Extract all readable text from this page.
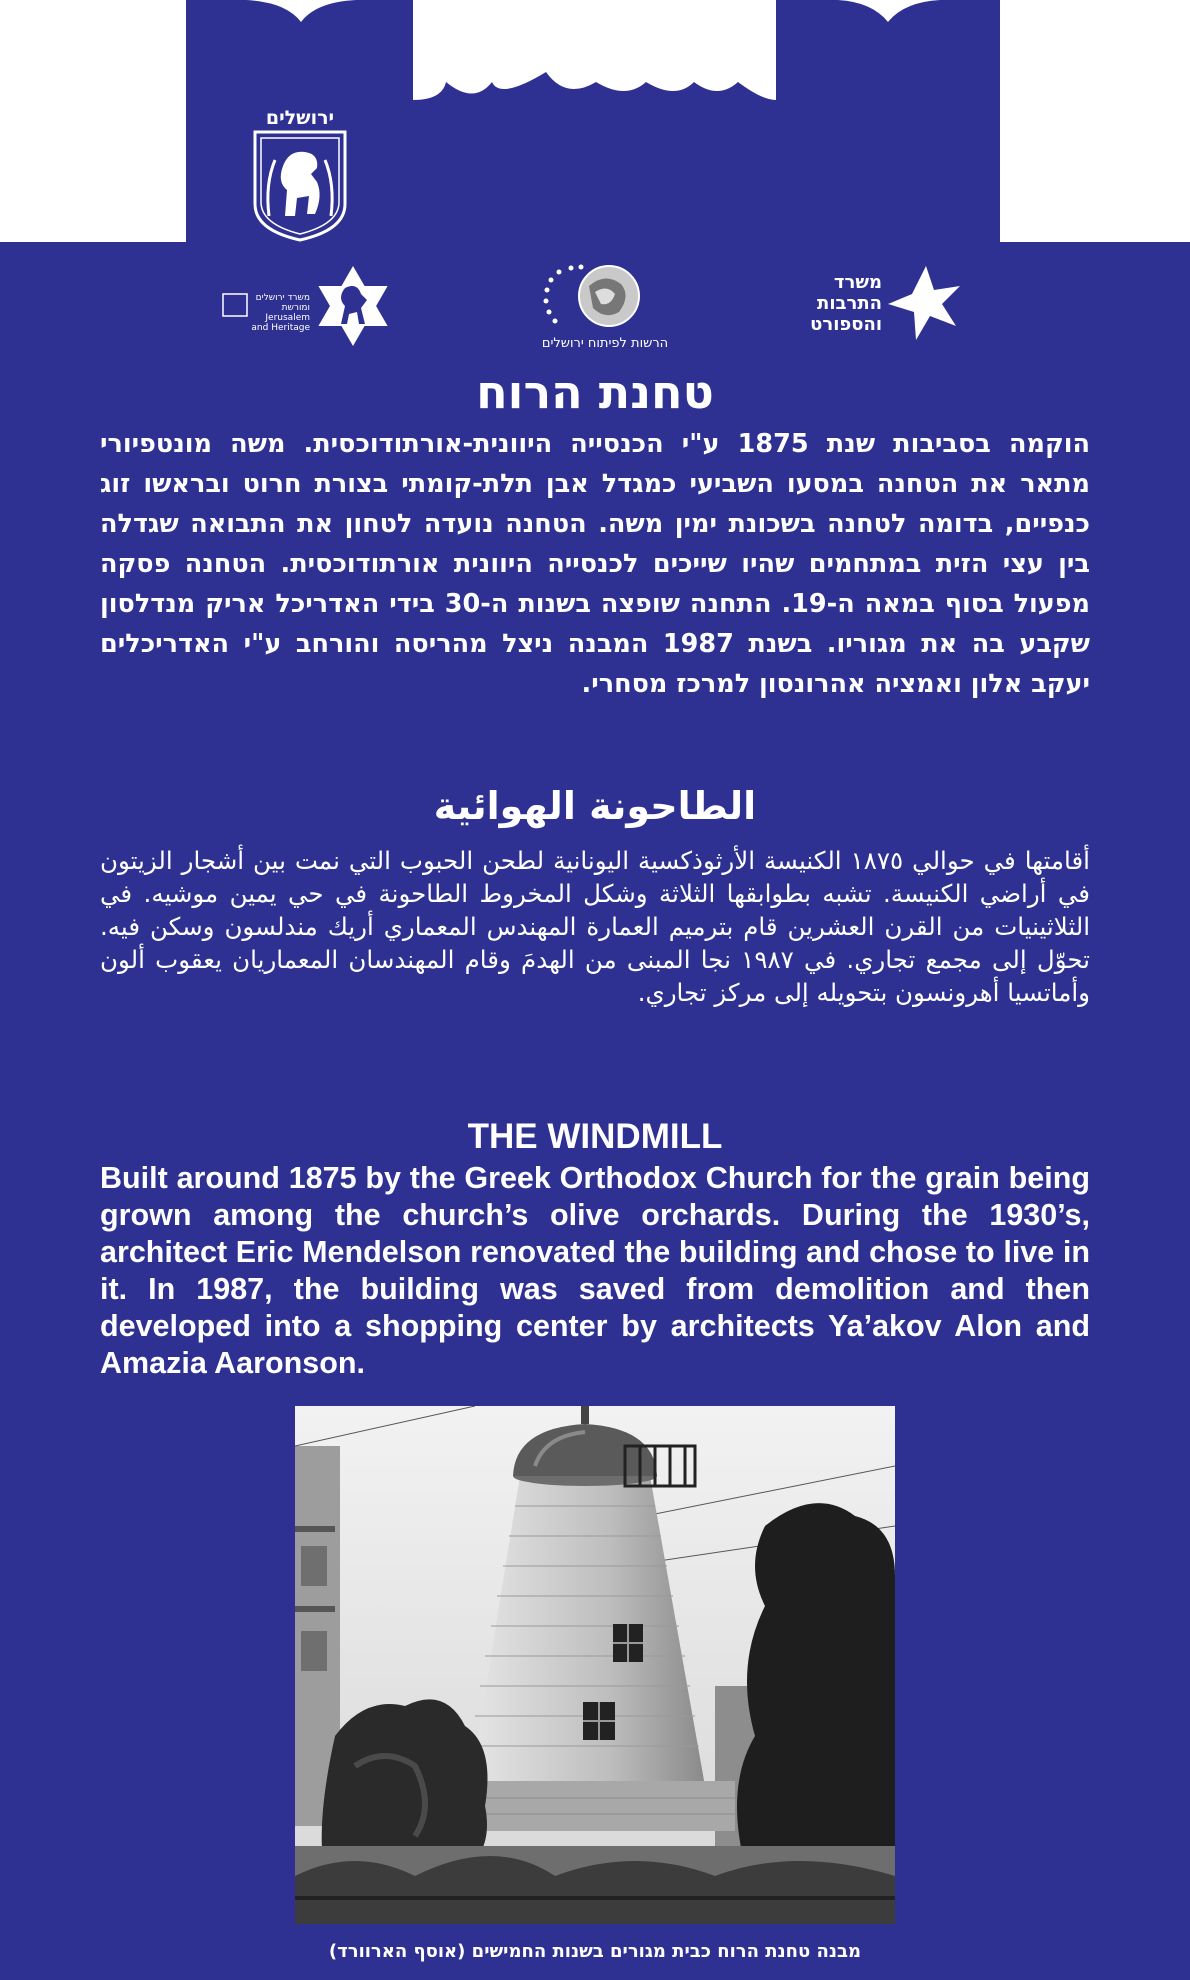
ירושלים
מועצה לשימור
אתרי מורשת בישראל
משרד ירושלים
ומורשת
Jerusalem
and Heritage
הרשות לפיתוח ירושלים
משרד
התרבות
והספורט
טחנת הרוח
הוקמה בסביבות שנת 1875 ע"י הכנסייה היוונית-אורתודוכסית. משה מונטפיורי מתאר את הטחנה במסעו השביעי כמגדל אבן תלת-קומתי בצורת חרוט ובראשו זוג כנפיים, בדומה לטחנה בשכונת ימין משה. הטחנה נועדה לטחון את התבואה שגדלה בין עצי הזית במתחמים שהיו שייכים לכנסייה היוונית אורתודוכסית. הטחנה פסקה מפעול בסוף במאה ה-19. התחנה שופצה בשנות ה-30 בידי האדריכל אריק מנדלסון שקבע בה את מגוריו. בשנת 1987 המבנה ניצל מהריסה והורחב ע"י האדריכלים יעקב אלון ואמציה אהרונסון למרכז מסחרי.
الطاحونة الهوائية
أقامتها في حوالي ١٨٧٥ الكنيسة الأرثوذكسية اليونانية لطحن الحبوب التي نمت بين أشجار الزيتون في أراضي الكنيسة. تشبه بطوابقها الثلاثة وشكل المخروط الطاحونة في حي يمين موشيه. في الثلاثينيات من القرن العشرين قام بترميم العمارة المهندس المعماري أريك مندلسون وسكن فيه. تحوّل إلى مجمع تجاري. في ١٩٨٧ نجا المبنى من الهدمَ وقام المهندسان المعماريان يعقوب ألون وأماتسيا أهرونسون بتحويله إلى مركز تجاري.
THE WINDMILL
Built around 1875 by the Greek Orthodox Church for the grain being grown among the church’s olive orchards. During the 1930’s, architect Eric Mendelson renovated the building and chose to live in it. In 1987, the building was saved from demolition and then developed into a shopping center by architects Ya’akov Alon and Amazia Aaronson.
מבנה טחנת הרוח כבית מגורים בשנות החמישים (אוסף הארוורד)
